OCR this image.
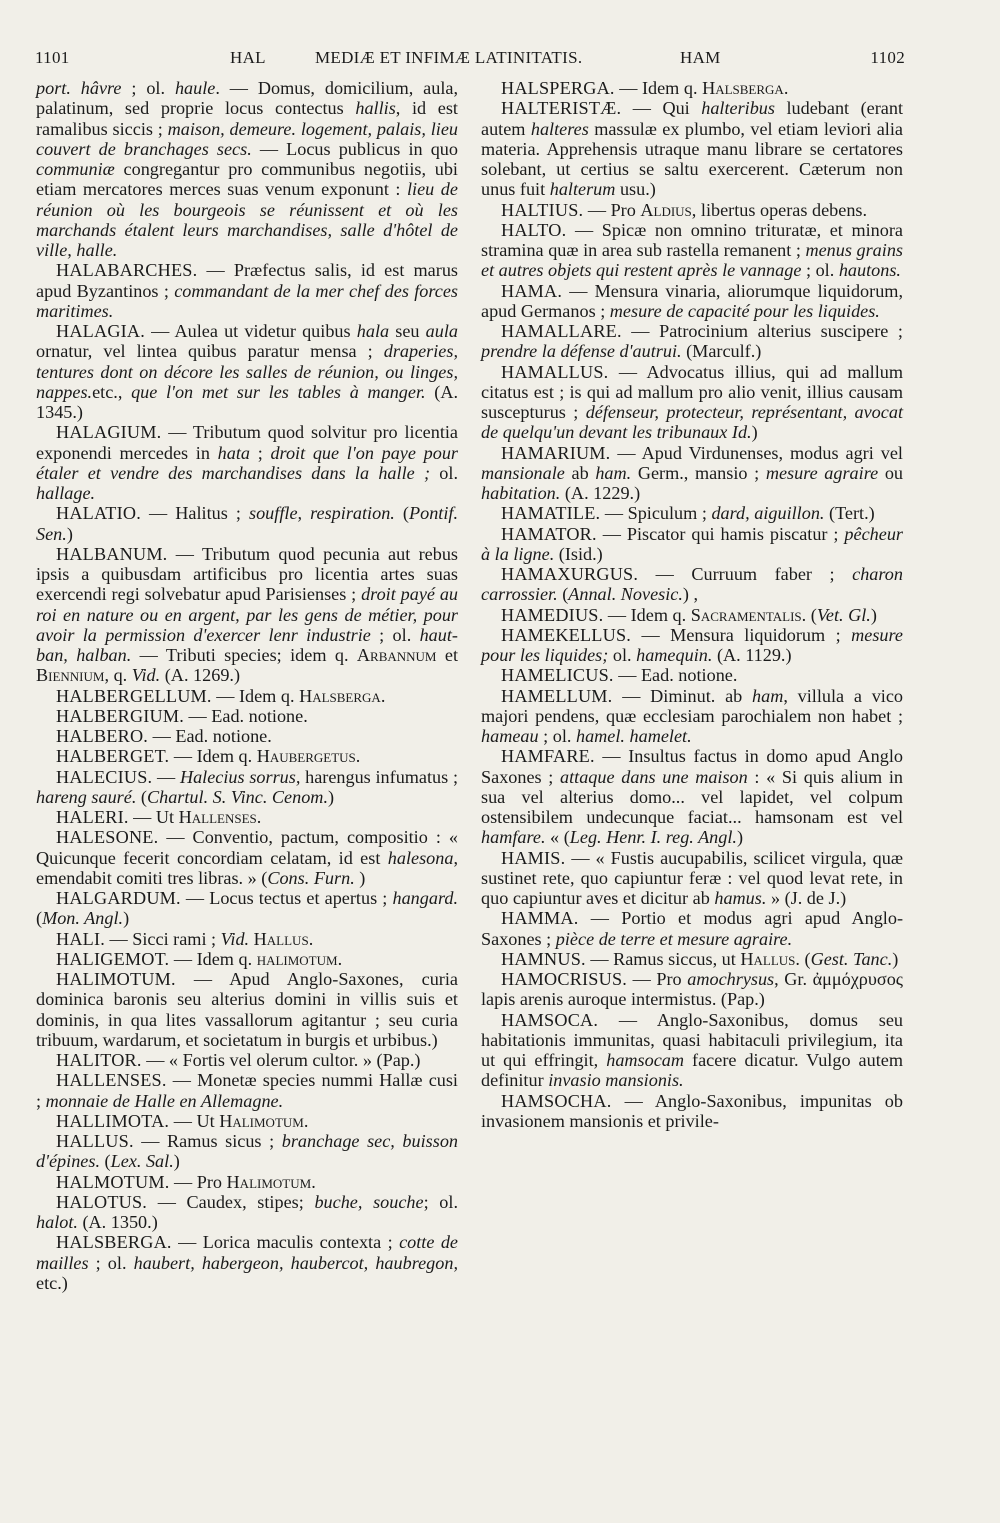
1101	HAL	MEDIÆ ET INFIMÆ LATINITATIS.	HAM	1102

port. hâvre ; ol. haule. — Domus, domicilium, aula, palatinum, sed proprie locus contectus hallis, id est ramalibus siccis ; maison, demeure. logement, palais, lieu couvert de branchages secs. — Locus publicus in quo communiæ congregantur pro communibus negotiis, ubi etiam mercatores merces suas venum exponunt : lieu de réunion où les bourgeois se réunissent et où les marchands étalent leurs marchandises, salle d'hôtel de ville, halle.

HALABARCHES. — Præfectus salis, id est marus apud Byzantinos ; commandant de la mer chef des forces maritimes.

HALAGIA. — Aulea ut videtur quibus hala seu aula ornatur, vel lintea quibus paratur mensa ; draperies, tentures dont on décore les salles de réunion, ou linges, nappes.etc., que l'on met sur les tables à manger. (A. 1345.)

HALAGIUM. — Tributum quod solvitur pro licentia exponendi mercedes in hata ; droit que l'on paye pour étaler et vendre des marchandises dans la halle ; ol. hallage.

HALATIO. — Halitus ; souffle, respiration. (Pontif. Sen.)

HALBANUM. — Tributum quod pecunia aut rebus ipsis a quibusdam artificibus pro licentia artes suas exercendi regi solvebatur apud Parisienses ; droit payé au roi en nature ou en argent, par les gens de métier, pour avoir la permission d'exercer lenr industrie ; ol. haut-ban, halban. — Tributi species; idem q. Arbannum et Biennium, q. Vid. (A. 1269.)

HALBERGELLUM. — Idem q. Halsberga.

HALBERGIUM. — Ead. notione.

HALBERO. — Ead. notione.

HALBERGET. — Idem q. Haubergetus.

HALECIUS. — Halecius sorrus, harengus infumatus ; hareng sauré. (Chartul. S. Vinc. Cenom.)

HALERI. — Ut Hallenses.

HALESONE. — Conventio, pactum, compositio : « Quicunque fecerit concordiam celatam, id est halesona, emendabit comiti tres libras. » (Cons. Furn. )

HALGARDUM. — Locus tectus et apertus ; hangard. (Mon. Angl.)

HALI. — Sicci rami ; Vid. Hallus.

HALIGEMOT. — Idem q. halimotum.

HALIMOTUM. — Apud Anglo-Saxones, curia dominica baronis seu alterius domini in villis suis et dominis, in qua lites vassallorum agitantur ; seu curia tribuum, wardarum, et societatum in burgis et urbibus.)

HALITOR. — « Fortis vel olerum cultor. » (Pap.)

HALLENSES. — Monetæ species nummi Hallæ cusi ; monnaie de Halle en Allemagne.

HALLIMOTA. — Ut Halimotum.

HALLUS. — Ramus sicus ; branchage sec, buisson d'épines. (Lex. Sal.)

HALMOTUM. — Pro Halimotum.

HALOTUS. — Caudex, stipes; buche, souche; ol. halot. (A. 1350.)

HALSBERGA. — Lorica maculis contexta ; cotte de mailles ; ol. haubert, habergeon, haubercot, haubregon, etc.)

HALSPERGA. — Idem q. Halsberga.

HALTERISTÆ. — Qui halteribus ludebant (erant autem halteres massulæ ex plumbo, vel etiam leviori alia materia. Apprehensis utraque manu librare se certatores solebant, ut certius se saltu exercerent. Cæterum non unus fuit halterum usu.)

HALTIUS. — Pro Aldius, libertus operas debens.

HALTO. — Spicæ non omnino trituratæ, et minora stramina quæ in area sub rastella remanent ; menus grains et autres objets qui restent après le vannage ; ol. hautons.

HAMA. — Mensura vinaria, aliorumque liquidorum, apud Germanos ; mesure de capacité pour les liquides.

HAMALLARE. — Patrocinium alterius suscipere ; prendre la défense d'autrui. (Marculf.)

HAMALLUS. — Advocatus illius, qui ad mallum citatus est ; is qui ad mallum pro alio venit, illius causam suscepturus ; défenseur, protecteur, représentant, avocat de quelqu'un devant les tribunaux Id.)

HAMARIUM. — Apud Virdunenses, modus agri vel mansionale ab ham. Germ., mansio ; mesure agraire ou habitation. (A. 1229.)

HAMATILE. — Spiculum ; dard, aiguillon. (Tert.)

HAMATOR. — Piscator qui hamis piscatur ; pêcheur à la ligne. (Isid.)

HAMAXURGUS. — Curruum faber ; charon carrossier. (Annal. Novesic.) ,

HAMEDIUS. — Idem q. Sacramentalis. (Vet. Gl.)

HAMEKELLUS. — Mensura liquidorum ; mesure pour les liquides; ol. hamequin. (A. 1129.)

HAMELICUS. — Ead. notione.

HAMELLUM. — Diminut. ab ham, villula a vico majori pendens, quæ ecclesiam parochialem non habet ; hameau ; ol. hamel. hamelet.

HAMFARE. — Insultus factus in domo apud Anglo Saxones ; attaque dans une maison : « Si quis alium in sua vel alterius domo... vel lapidet, vel colpum ostensibilem undecunque faciat... hamsonam est vel hamfare. « (Leg. Henr. I. reg. Angl.)

HAMIS. — « Fustis aucupabilis, scilicet virgula, quæ sustinet rete, quo capiuntur feræ : vel quod levat rete, in quo capiuntur aves et dicitur ab hamus. » (J. de J.)

HAMMA. — Portio et modus agri apud Anglo-Saxones ; pièce de terre et mesure agraire.

HAMNUS. — Ramus siccus, ut Hallus. (Gest. Tanc.)

HAMOCRISUS. — Pro amochrysus, Gr. ἀμμόχρυσος lapis arenis auroque intermistus. (Pap.)

HAMSOCA. — Anglo-Saxonibus, domus seu habitationis immunitas, quasi habitaculi privilegium, ita ut qui effringit, hamsocam facere dicatur. Vulgo autem definitur invasio mansionis.

HAMSOCHA. — Anglo-Saxonibus, impunitas ob invasionem mansionis et privile-
